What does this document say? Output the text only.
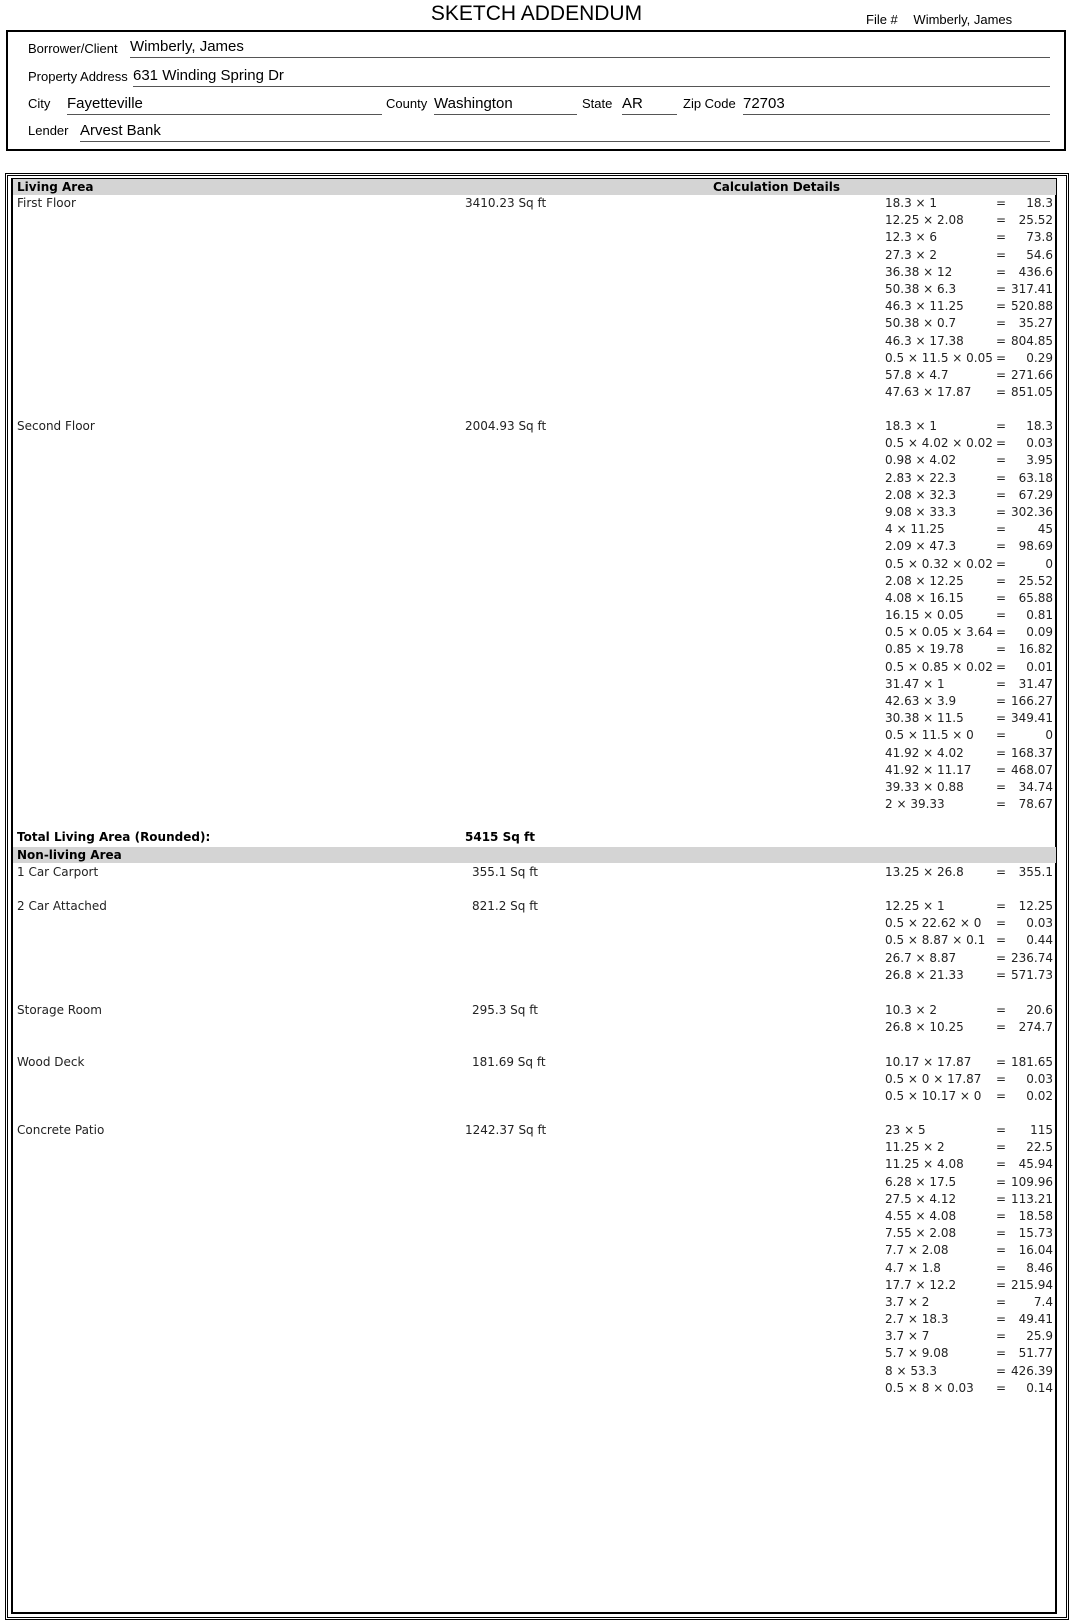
SKETCH ADDENDUM	File # Wimberly, James
Borrower/Client Wimberly, James
Property Address 631 Winding Spring Dr
City Fayetteville	County Washington	State AR	Zip Code 72703
Lender Arvest Bank
Living Area	Calculation Details
First Floor	3410.23 Sq ft	18.3 × 1	= 18.3
12.25 × 2.08	= 25.52
12.3 × 6	= 73.8
27.3 × 2	= 54.6
36.38 × 12	= 436.6
50.38 × 6.3	= 317.41
46.3 × 11.25	= 520.88
50.38 × 0.7	= 35.27
46.3 × 17.38	= 804.85
0.5 × 11.5 × 0.05 = 0.29
57.8 × 4.7	= 271.66
47.63 × 17.87 = 851.05
Second Floor	2004.93 Sq ft	18.3 × 1	= 18.3
0.5 × 4.02 × 0.02 = 0.03
0.98 × 4.02	= 3.95
2.83 × 22.3	= 63.18
2.08 × 32.3	= 67.29
9.08 × 33.3	= 302.36
4 × 11.25	=	45
2.09 × 47.3	= 98.69
0.5 × 0.32 × 0.02 =	0
2.08 × 12.25	= 25.52
4.08 × 16.15	= 65.88
16.15 × 0.05	= 0.81
0.5 × 0.05 × 3.64 = 0.09
0.85 × 19.78	= 16.82
0.5 × 0.85 × 0.02 = 0.01
31.47 × 1	= 31.47
42.63 × 3.9	= 166.27
30.38 × 11.5	= 349.41
0.5 × 11.5 × 0 =	0
41.92 × 4.02	= 168.37
41.92 × 11.17 = 468.07
39.33 × 0.88	= 34.74
2 × 39.33	= 78.67
Total Living Area (Rounded):	5415 Sq ft
Non-living Area
1 Car Carport	355.1 Sq ft	13.25 × 26.8	= 355.1
2 Car Attached	821.2 Sq ft	12.25 × 1	= 12.25
0.5 × 22.62 × 0 = 0.03
0.5 × 8.87 × 0.1 = 0.44
26.7 × 8.87	= 236.74
26.8 × 21.33	= 571.73
Storage Room	295.3 Sq ft	10.3 × 2	= 20.6
26.8 × 10.25	= 274.7
Wood Deck	181.69 Sq ft	10.17 × 17.87 = 181.65
0.5 × 0 × 17.87 = 0.03
0.5 × 10.17 × 0 = 0.02
Concrete Patio	1242.37 Sq ft	23 × 5	= 115
11.25 × 2	= 22.5
11.25 × 4.08	= 45.94
6.28 × 17.5	= 109.96
27.5 × 4.12	= 113.21
4.55 × 4.08	= 18.58
7.55 × 2.08	= 15.73
7.7 × 2.08	= 16.04
4.7 × 1.8	= 8.46
17.7 × 12.2	= 215.94
3.7 × 2	= 7.4
2.7 × 18.3	= 49.41
3.7 × 7	= 25.9
5.7 × 9.08	= 51.77
8 × 53.3	= 426.39
0.5 × 8 × 0.03 = 0.14
